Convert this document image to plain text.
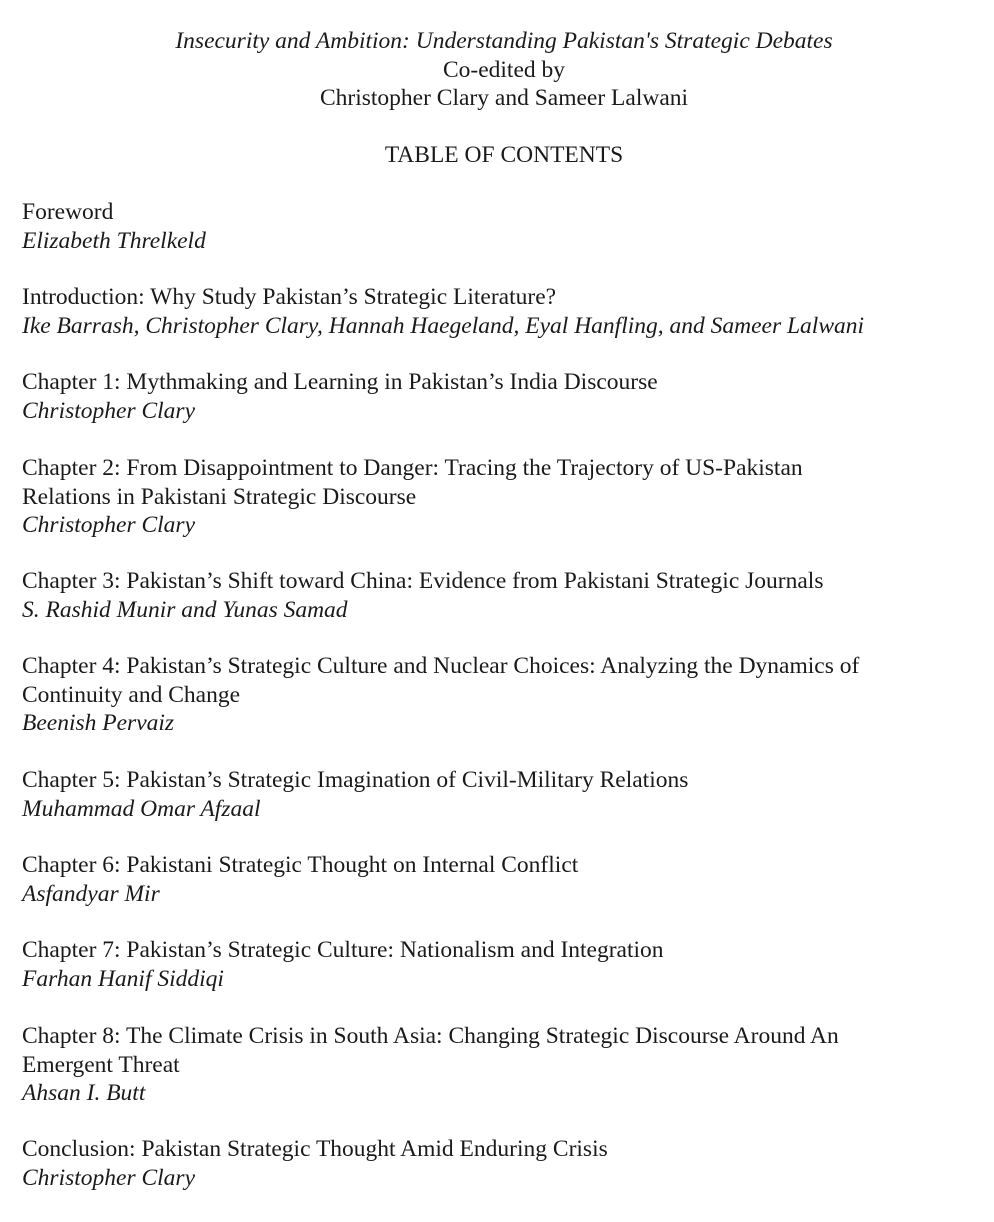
Insecurity and Ambition: Understanding Pakistan's Strategic Debates
Co-edited by
Christopher Clary and Sameer Lalwani
TABLE OF CONTENTS
Foreword
Elizabeth Threlkeld
Introduction: Why Study Pakistan’s Strategic Literature?
Ike Barrash, Christopher Clary, Hannah Haegeland, Eyal Hanfling, and Sameer Lalwani
Chapter 1: Mythmaking and Learning in Pakistan’s India Discourse
Christopher Clary
Chapter 2: From Disappointment to Danger: Tracing the Trajectory of US-Pakistan
Relations in Pakistani Strategic Discourse
Christopher Clary
Chapter 3: Pakistan’s Shift toward China: Evidence from Pakistani Strategic Journals
S. Rashid Munir and Yunas Samad
Chapter 4: Pakistan’s Strategic Culture and Nuclear Choices: Analyzing the Dynamics of
Continuity and Change
Beenish Pervaiz
Chapter 5: Pakistan’s Strategic Imagination of Civil-Military Relations
Muhammad Omar Afzaal
Chapter 6: Pakistani Strategic Thought on Internal Conflict
Asfandyar Mir
Chapter 7: Pakistan’s Strategic Culture: Nationalism and Integration
Farhan Hanif Siddiqi
Chapter 8: The Climate Crisis in South Asia: Changing Strategic Discourse Around An
Emergent Threat
Ahsan I. Butt
Conclusion: Pakistan Strategic Thought Amid Enduring Crisis
Christopher Clary
